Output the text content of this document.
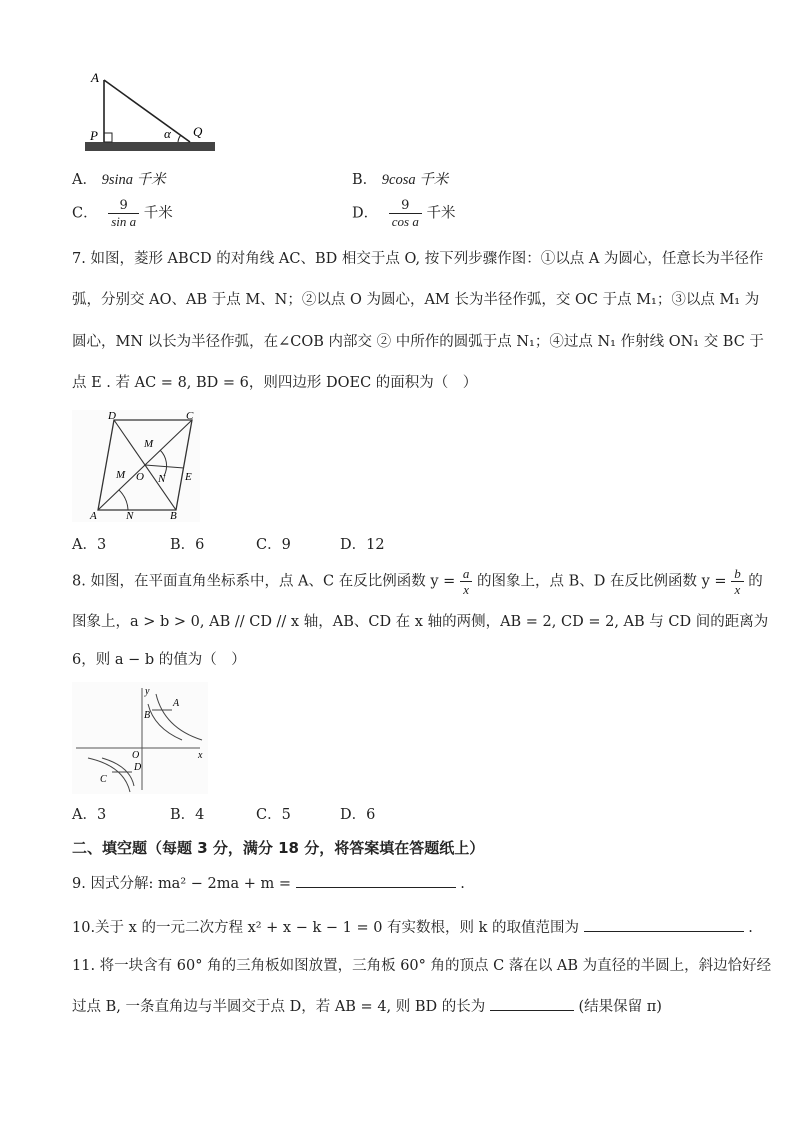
A
P	α Q
A． 9sina 千米	B． 9cosa 千米
C． $\frac{9}{\text{sin a}}$ 千米	D． $\frac{9}{\text{cos a}}$ 千米
7. 如图，菱形 ABCD 的对角线 AC、BD 相交于点 O, 按下列步骤作图：①以点 A 为圆心，任意长为半径作
弧，分别交 AO、AB 于点 M、N；②以点 O 为圆心，AM 长为半径作弧，交 OC 于点 M₁；③以点 M₁ 为
圆心，MN 以长为半径作弧，在∠COB 内部交 ② 中所作的圆弧于点 N₁；④过点 N₁ 作射线 ON₁ 交 BC 于
点 E . 若 AC = 8, BD = 6，则四边形 DOEC 的面积为（　）
D	C
A	N	B
O	E
M
M
N
A．3	B．6	C．9	D．12
8. 如图，在平面直角坐标系中，点 A、C 在反比例函数 $y = \frac{a}{x}$ 的图象上，点 B、D 在反比例函数 $y = \frac{b}{x}$ 的
图象上，a > b > 0, AB // CD // x 轴，AB、CD 在 x 轴的两侧，AB = 2, CD = 2, AB 与 CD 间的距离为
6，则 a − b 的值为（　）
y
x
O
A
B
C
D
A．3	B．4	C．5	D．6
二、填空题（每题 3 分，满分 18 分，将答案填在答题纸上）
9. 因式分解: ma² − 2ma + m =	.
10.关于 x 的一元二次方程 x² + x − k − 1 = 0 有实数根，则 k 的取值范围为	.
11. 将一块含有 60° 角的三角板如图放置，三角板 60° 角的顶点 C 落在以 AB 为直径的半圆上，斜边恰好经
过点 B, 一条直角边与半圆交于点 D，若 AB = 4, 则 BD 的长为	(结果保留 π)
